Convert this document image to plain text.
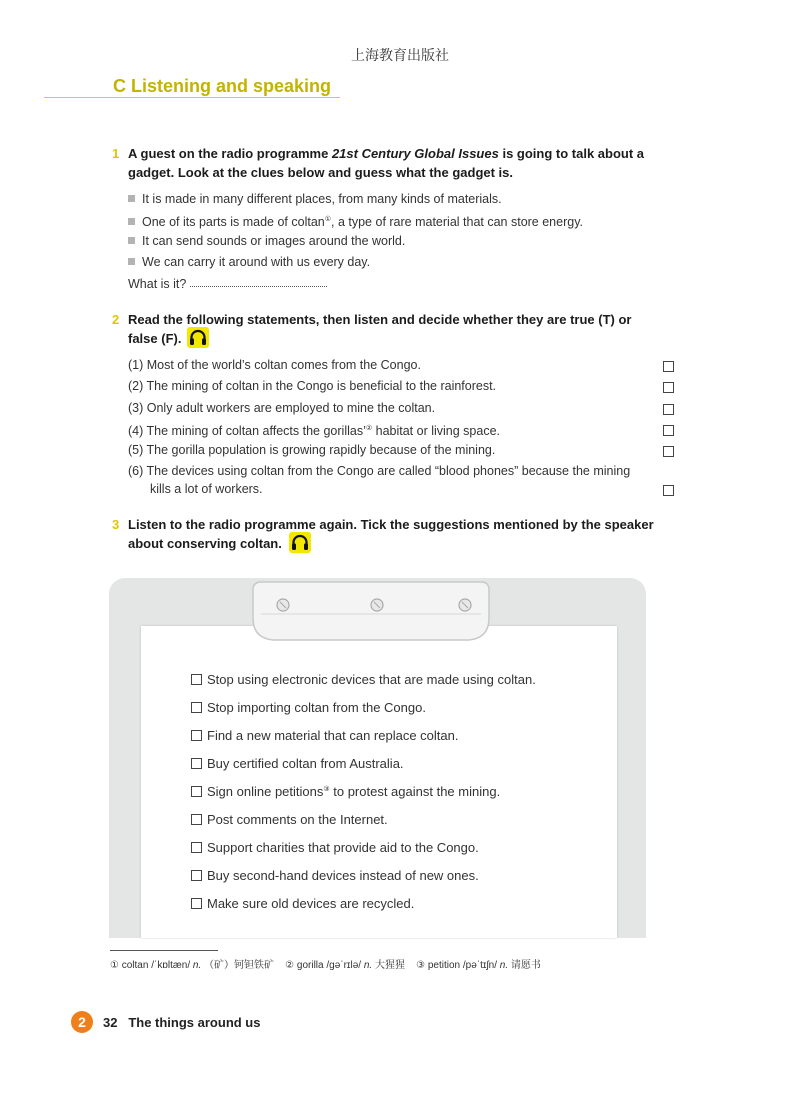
上海教育出版社
C Listening and speaking
1 A guest on the radio programme 21st Century Global Issues is going to talk about a
gadget. Look at the clues below and guess what the gadget is.
It is made in many different places, from many kinds of materials.
One of its parts is made of coltan①, a type of rare material that can store energy.
It can send sounds or images around the world.
We can carry it around with us every day.
What is it?
2 Read the following statements, then listen and decide whether they are true (T) or
false (F).
(1) Most of the world’s coltan comes from the Congo.
(2) The mining of coltan in the Congo is beneficial to the rainforest.
(3) Only adult workers are employed to mine the coltan.
(4) The mining of coltan affects the gorillas’② habitat or living space.
(5) The gorilla population is growing rapidly because of the mining.
(6) The devices using coltan from the Congo are called “blood phones” because the mining
kills a lot of workers.
3 Listen to the radio programme again. Tick the suggestions mentioned by the speaker
about conserving coltan.
Stop using electronic devices that are made using coltan.
Stop importing coltan from the Congo.
Find a new material that can replace coltan.
Buy certified coltan from Australia.
Sign online petitions③ to protest against the mining.
Post comments on the Internet.
Support charities that provide aid to the Congo.
Buy second-hand devices instead of new ones.
Make sure old devices are recycled.
① coltan /ˈkɒltæn/ n. （矿）钶钽铁矿 ② gorilla /ɡəˈrɪlə/ n. 大猩猩 ③ petition /pəˈtɪʃn/ n. 请愿书
2	32 The things around us
